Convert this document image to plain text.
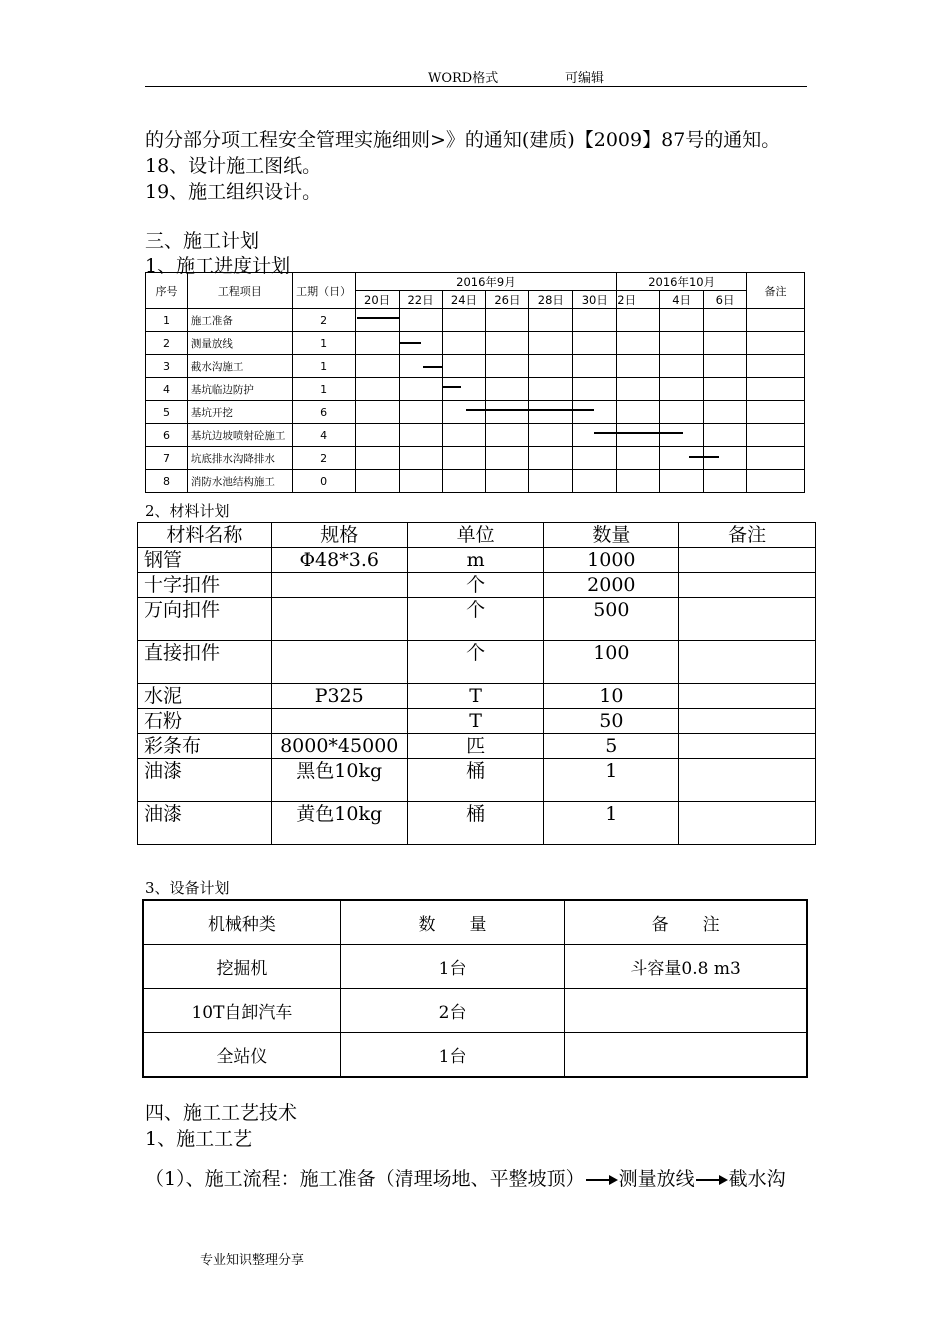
WORD格式	可编辑
的分部分项工程安全管理实施细则>》的通知(建质)【2009】87号的通知。
18、设计施工图纸。
19、施工组织设计。
三、施工计划
1、施工进度计划
序号	工程项目	工期（日）	2016年9月						2016年10月			备注
			20日	22日	24日	26日	28日	30日	2日	4日	6日	
1	施工准备	2										
2	测量放线	1										
3	截水沟施工	1										
4	基坑临边防护	1										
5	基坑开挖	6										
6	基坑边坡喷射砼施工	4										
7	坑底排水沟降排水	2										
8	消防水池结构施工	0										
2、材料计划
材料名称	规格	单位	数量	备注
钢管	Φ48*3.6	m	1000	
十字扣件		个	2000	
万向扣件		个	500	
直接扣件		个	100	
水泥	P325	T	10	
石粉		T	50	
彩条布	8000*45000	匹	5	
油漆	黑色10kg	桶	1	
油漆	黄色10kg	桶	1	
3、设备计划
机械种类	数　　量	备　　注
挖掘机	1台	斗容量0.8 m3
10T自卸汽车	2台	
全站仪	1台	
四、施工工艺技术
1、施工工艺
（1）、施工流程：施工准备（清理场地、平整坡顶） 测量放线 截水沟
专业知识整理分享
